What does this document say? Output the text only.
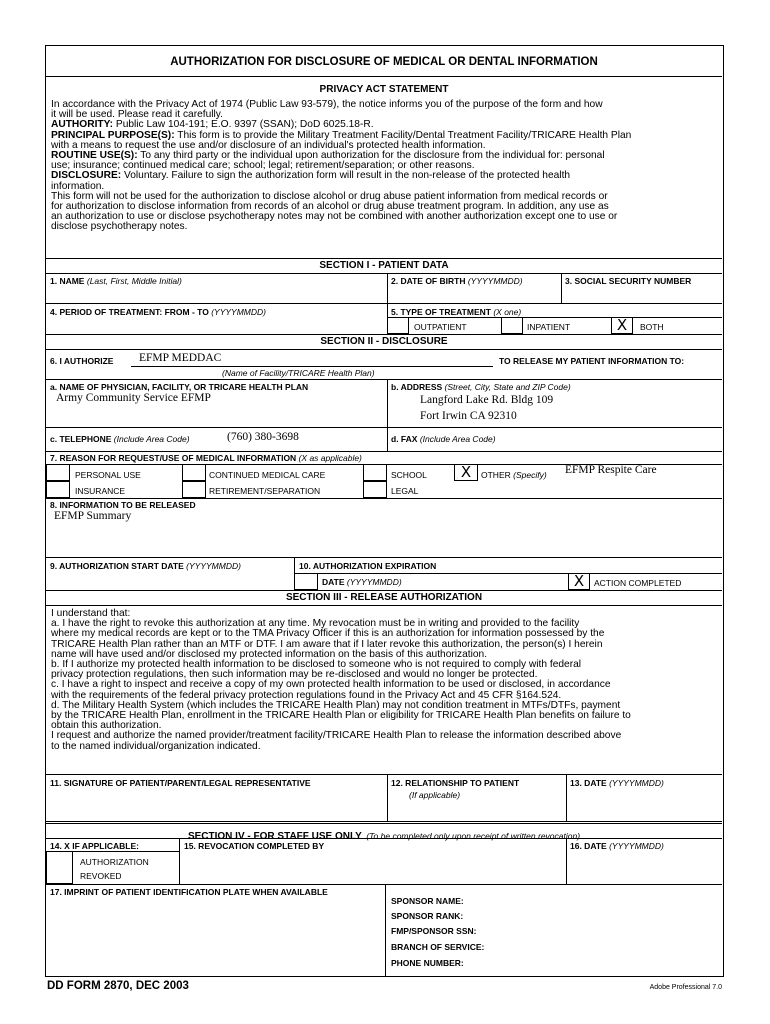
AUTHORIZATION FOR DISCLOSURE OF MEDICAL OR DENTAL INFORMATION
PRIVACY ACT STATEMENT
In accordance with the Privacy Act of 1974 (Public Law 93-579), the notice informs you of the purpose of the form and how
it will be used. Please read it carefully.
AUTHORITY: Public Law 104-191; E.O. 9397 (SSAN); DoD 6025.18-R.
PRINCIPAL PURPOSE(S): This form is to provide the Military Treatment Facility/Dental Treatment Facility/TRICARE Health Plan
with a means to request the use and/or disclosure of an individual's protected health information.
ROUTINE USE(S): To any third party or the individual upon authorization for the disclosure from the individual for: personal
use; insurance; continued medical care; school; legal; retirement/separation; or other reasons.
DISCLOSURE: Voluntary. Failure to sign the authorization form will result in the non-release of the protected health
information.
This form will not be used for the authorization to disclose alcohol or drug abuse patient information from medical records or
for authorization to disclose information from records of an alcohol or drug abuse treatment program. In addition, any use as
an authorization to use or disclose psychotherapy notes may not be combined with another authorization except one to use or
disclose psychotherapy notes.
SECTION I - PATIENT DATA
1. NAME (Last, First, Middle Initial)	2. DATE OF BIRTH (YYYYMMDD)	3. SOCIAL SECURITY NUMBER
4. PERIOD OF TREATMENT: FROM - TO (YYYYMMDD)	5. TYPE OF TREATMENT (X one)
OUTPATIENT	INPATIENT	X	BOTH
SECTION II - DISCLOSURE
6. I AUTHORIZE EFMP MEDDAC	TO RELEASE MY PATIENT INFORMATION TO:
(Name of Facility/TRICARE Health Plan)
a. NAME OF PHYSICIAN, FACILITY, OR TRICARE HEALTH PLAN
Army Community Service EFMP
b. ADDRESS (Street, City, State and ZIP Code)
Langford Lake Rd. Bldg 109
Fort Irwin CA 92310
c. TELEPHONE (Include Area Code)	(760) 380-3698	d. FAX (Include Area Code)
7. REASON FOR REQUEST/USE OF MEDICAL INFORMATION (X as applicable)
PERSONAL USE	CONTINUED MEDICAL CARE	SCHOOL X	OTHER (Specify) EFMP Respite Care
INSURANCE	RETIREMENT/SEPARATION	LEGAL
8. INFORMATION TO BE RELEASED
EFMP Summary
9. AUTHORIZATION START DATE (YYYYMMDD)	10. AUTHORIZATION EXPIRATION
DATE (YYYYMMDD)	X	ACTION COMPLETED
SECTION III - RELEASE AUTHORIZATION
I understand that:
a. I have the right to revoke this authorization at any time. My revocation must be in writing and provided to the facility
where my medical records are kept or to the TMA Privacy Officer if this is an authorization for information possessed by the
TRICARE Health Plan rather than an MTF or DTF. I am aware that if I later revoke this authorization, the person(s) I herein
name will have used and/or disclosed my protected information on the basis of this authorization.
b. If I authorize my protected health information to be disclosed to someone who is not required to comply with federal
privacy protection regulations, then such information may be re-disclosed and would no longer be protected.
c. I have a right to inspect and receive a copy of my own protected health information to be used or disclosed, in accordance
with the requirements of the federal privacy protection regulations found in the Privacy Act and 45 CFR §164.524.
d. The Military Health System (which includes the TRICARE Health Plan) may not condition treatment in MTFs/DTFs, payment
by the TRICARE Health Plan, enrollment in the TRICARE Health Plan or eligibility for TRICARE Health Plan benefits on failure to
obtain this authorization.
I request and authorize the named provider/treatment facility/TRICARE Health Plan to release the information described above
to the named individual/organization indicated.
11. SIGNATURE OF PATIENT/PARENT/LEGAL REPRESENTATIVE	12. RELATIONSHIP TO PATIENT
(If applicable)
13. DATE (YYYYMMDD)
SECTION IV - FOR STAFF USE ONLY (To be completed only upon receipt of written revocation)
14. X IF APPLICABLE:
AUTHORIZATION
REVOKED
15. REVOCATION COMPLETED BY	16. DATE (YYYYMMDD)
17. IMPRINT OF PATIENT IDENTIFICATION PLATE WHEN AVAILABLE
SPONSOR NAME:
SPONSOR RANK:
FMP/SPONSOR SSN:
BRANCH OF SERVICE:
PHONE NUMBER:
DD FORM 2870, DEC 2003	Adobe Professional 7.0
